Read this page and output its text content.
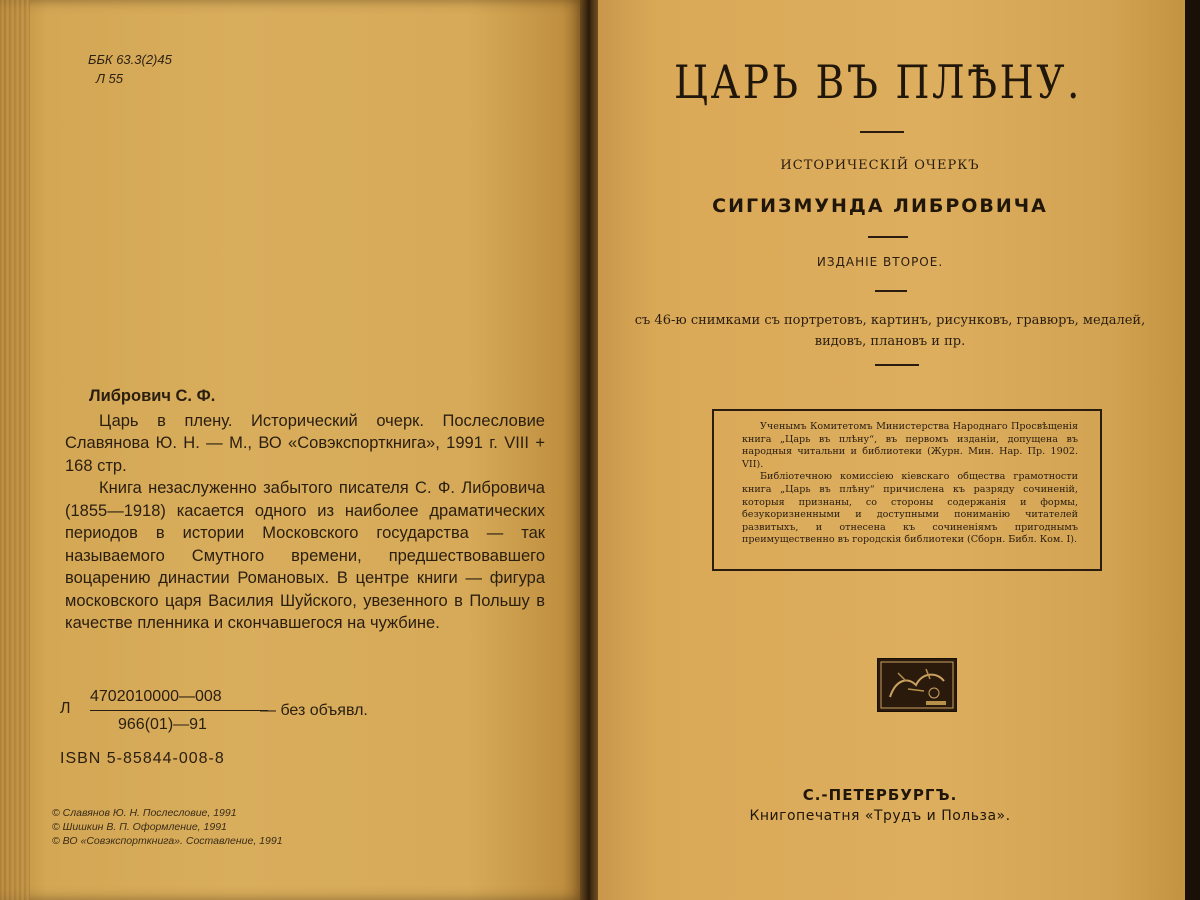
ББК 63.3(2)45
Л 55
Либрович С. Ф.

Царь в плену. Исторический очерк. Послесловие Славянова Ю. Н. — М., ВО «Совэкспорткнига», 1991 г. VIII + 168 стр.

Книга незаслуженно забытого писателя С. Ф. Либровича (1855—1918) касается одного из наиболее драматических периодов в истории Московского государства — так называемого Смутного времени, предшествовавшего воцарению династии Романовых. В центре книги — фигура московского царя Василия Шуйского, увезенного в Польшу в качестве пленника и скончавшегося на чужбине.

Л
4702010000—008
966(01)—91
— без объявл.
ISBN 5-85844-008-8
© Славянов Ю. Н. Послесловие, 1991
© Шишкин В. П. Оформление, 1991
© ВО «Совэкспорткнига». Составление, 1991
ЦАРЬ ВЪ ПЛѢНУ.
ИСТОРИЧЕСКІЙ ОЧЕРКЪ
СИГИЗМУНДА ЛИБРОВИЧА
ИЗДАНІЕ ВТОРОЕ.
съ 46-ю снимками съ портретовъ, картинъ, рисунковъ, гравюръ, медалей, видовъ, плановъ и пр.

Ученымъ Комитетомъ Министерства Народнаго Просвѣщенія книга „Царь въ плѣну“, въ первомъ изданіи, допущена въ народныя читальни и библиотеки (Журн. Мин. Нар. Пр. 1902. VII).

Библіотечною комиссіею кіевскаго общества грамотности книга „Царь въ плѣну“ причислена къ разряду сочиненій, которыя признаны, со стороны содержанія и формы, безукоризненными и доступными пониманію читателей развитыхъ, и отнесена къ сочиненіямъ пригоднымъ преимущественно въ городскія библиотеки (Сборн. Библ. Ком. I).

С.-ПЕТЕРБУРГЪ.
Книгопечатня «Трудъ и Польза».
